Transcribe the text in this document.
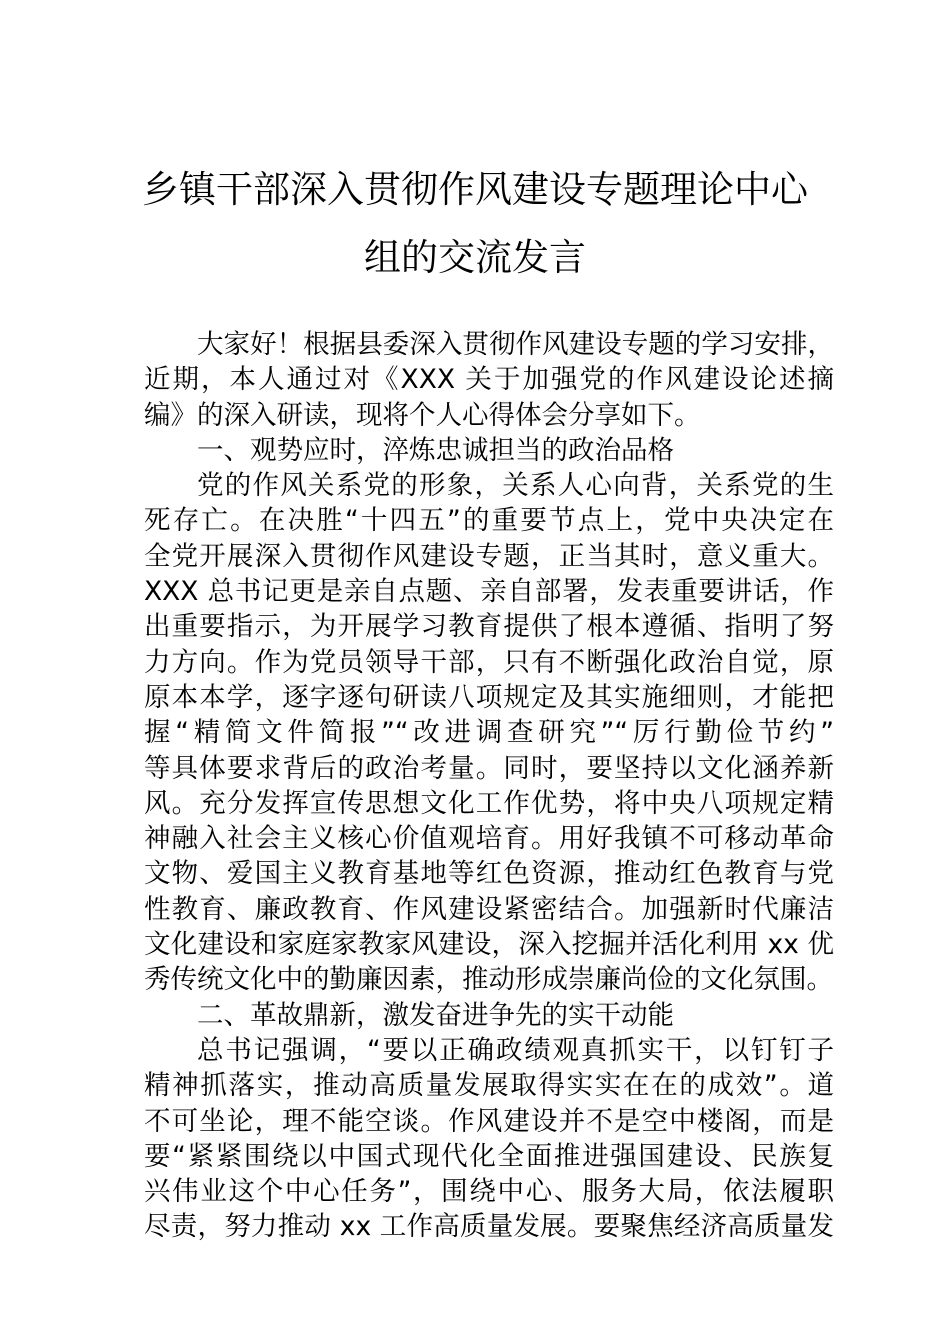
乡镇干部深入贯彻作风建设专题理论中心
组的交流发言
大家好！根据县委深入贯彻作风建设专题的学习安排，
近期，本人通过对《XXX 关于加强党的作风建设论述摘
编》的深入研读，现将个人心得体会分享如下。
一、观势应时，淬炼忠诚担当的政治品格
党的作风关系党的形象，关系人心向背，关系党的生
死存亡。在决胜“十四五”的重要节点上，党中央决定在
全党开展深入贯彻作风建设专题，正当其时，意义重大。
XXX 总书记更是亲自点题、亲自部署，发表重要讲话，作
出重要指示，为开展学习教育提供了根本遵循、指明了努
力方向。作为党员领导干部，只有不断强化政治自觉，原
原本本学，逐字逐句研读八项规定及其实施细则，才能把
握“精简文件简报”“改进调查研究”“厉行勤俭节约”
等具体要求背后的政治考量。同时，要坚持以文化涵养新
风。充分发挥宣传思想文化工作优势，将中央八项规定精
神融入社会主义核心价值观培育。用好我镇不可移动革命
文物、爱国主义教育基地等红色资源，推动红色教育与党
性教育、廉政教育、作风建设紧密结合。加强新时代廉洁
文化建设和家庭家教家风建设，深入挖掘并活化利用 xx 优
秀传统文化中的勤廉因素，推动形成崇廉尚俭的文化氛围。
二、革故鼎新，激发奋进争先的实干动能
总书记强调，“要以正确政绩观真抓实干，以钉钉子
精神抓落实，推动高质量发展取得实实在在的成效”。道
不可坐论，理不能空谈。作风建设并不是空中楼阁，而是
要“紧紧围绕以中国式现代化全面推进强国建设、民族复
兴伟业这个中心任务”，围绕中心、服务大局，依法履职
尽责，努力推动 xx 工作高质量发展。要聚焦经济高质量发
